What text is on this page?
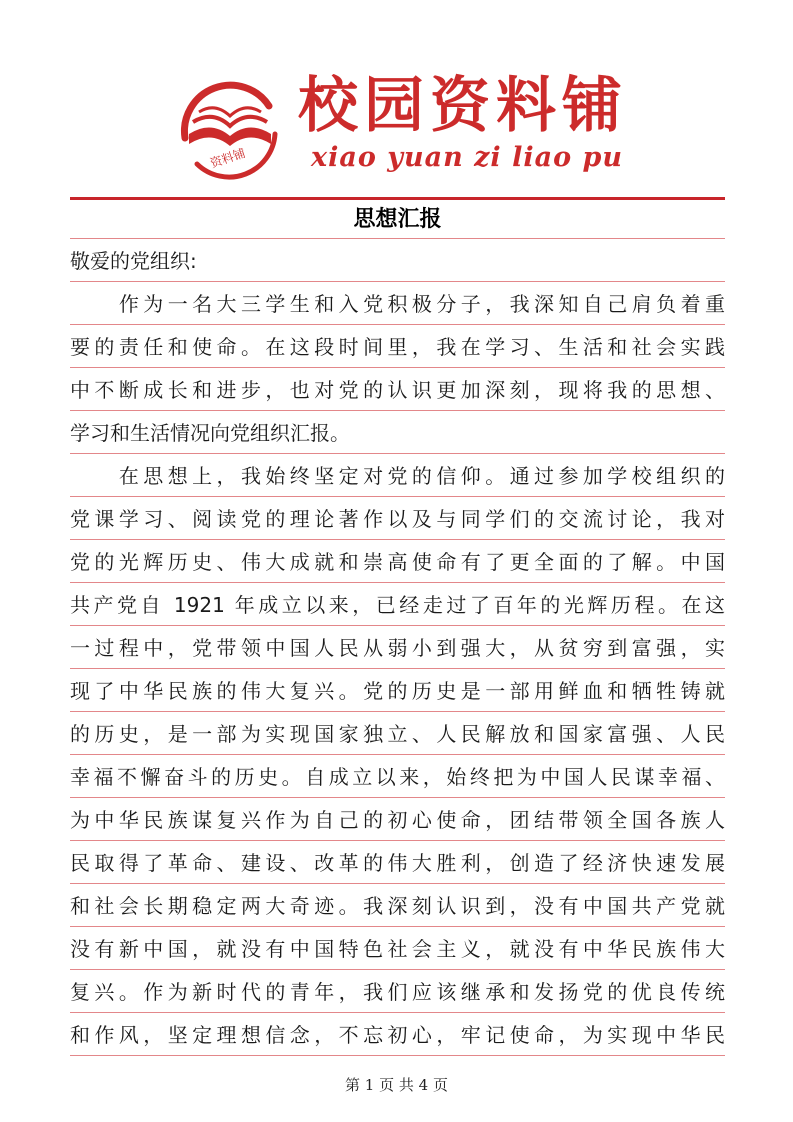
资料铺
校园资料铺
xiao yuan zi liao pu
思想汇报
敬爱的党组织:
　　作为一名大三学生和入党积极分子，我深知自己肩负着重
要的责任和使命。在这段时间里，我在学习、生活和社会实践
中不断成长和进步，也对党的认识更加深刻，现将我的思想、
学习和生活情况向党组织汇报。
　　在思想上，我始终坚定对党的信仰。通过参加学校组织的
党课学习、阅读党的理论著作以及与同学们的交流讨论，我对
党的光辉历史、伟大成就和崇高使命有了更全面的了解。中国
共产党自 1921 年成立以来，已经走过了百年的光辉历程。在这
一过程中，党带领中国人民从弱小到强大，从贫穷到富强，实
现了中华民族的伟大复兴。党的历史是一部用鲜血和牺牲铸就
的历史，是一部为实现国家独立、人民解放和国家富强、人民
幸福不懈奋斗的历史。自成立以来，始终把为中国人民谋幸福、
为中华民族谋复兴作为自己的初心使命，团结带领全国各族人
民取得了革命、建设、改革的伟大胜利，创造了经济快速发展
和社会长期稳定两大奇迹。我深刻认识到，没有中国共产党就
没有新中国，就没有中国特色社会主义，就没有中华民族伟大
复兴。作为新时代的青年，我们应该继承和发扬党的优良传统
和作风，坚定理想信念，不忘初心，牢记使命，为实现中华民
第 1 页 共 4 页
